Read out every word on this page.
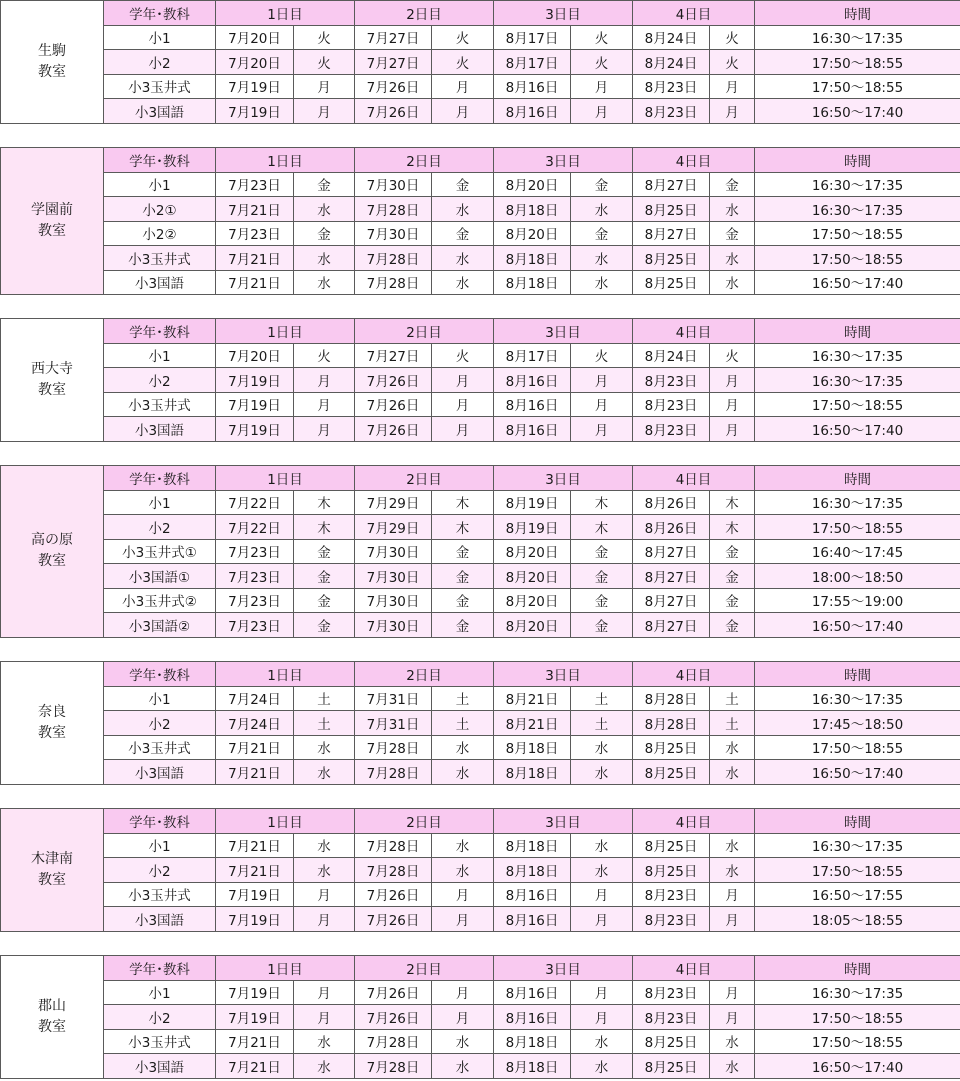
生駒
教室	学年･教科	1日目		2日目		3日目		4日目		時間
	小1	7月20日	火	7月27日	火	8月17日	火	8月24日	火	16:30～17:35
	小2	7月20日	火	7月27日	火	8月17日	火	8月24日	火	17:50～18:55
	小3玉井式	7月19日	月	7月26日	月	8月16日	月	8月23日	月	17:50～18:55
	小3国語	7月19日	月	7月26日	月	8月16日	月	8月23日	月	16:50～17:40
学園前
教室	学年･教科	1日目		2日目		3日目		4日目		時間
	小1	7月23日	金	7月30日	金	8月20日	金	8月27日	金	16:30～17:35
	小2①	7月21日	水	7月28日	水	8月18日	水	8月25日	水	16:30～17:35
	小2②	7月23日	金	7月30日	金	8月20日	金	8月27日	金	17:50～18:55
	小3玉井式	7月21日	水	7月28日	水	8月18日	水	8月25日	水	17:50～18:55
	小3国語	7月21日	水	7月28日	水	8月18日	水	8月25日	水	16:50～17:40
西大寺
教室	学年･教科	1日目		2日目		3日目		4日目		時間
	小1	7月20日	火	7月27日	火	8月17日	火	8月24日	火	16:30～17:35
	小2	7月19日	月	7月26日	月	8月16日	月	8月23日	月	16:30～17:35
	小3玉井式	7月19日	月	7月26日	月	8月16日	月	8月23日	月	17:50～18:55
	小3国語	7月19日	月	7月26日	月	8月16日	月	8月23日	月	16:50～17:40
高の原
教室	学年･教科	1日目		2日目		3日目		4日目		時間
	小1	7月22日	木	7月29日	木	8月19日	木	8月26日	木	16:30～17:35
	小2	7月22日	木	7月29日	木	8月19日	木	8月26日	木	17:50～18:55
	小3玉井式①	7月23日	金	7月30日	金	8月20日	金	8月27日	金	16:40～17:45
	小3国語①	7月23日	金	7月30日	金	8月20日	金	8月27日	金	18:00～18:50
	小3玉井式②	7月23日	金	7月30日	金	8月20日	金	8月27日	金	17:55～19:00
	小3国語②	7月23日	金	7月30日	金	8月20日	金	8月27日	金	16:50～17:40
奈良
教室	学年･教科	1日目		2日目		3日目		4日目		時間
	小1	7月24日	土	7月31日	土	8月21日	土	8月28日	土	16:30～17:35
	小2	7月24日	土	7月31日	土	8月21日	土	8月28日	土	17:45～18:50
	小3玉井式	7月21日	水	7月28日	水	8月18日	水	8月25日	水	17:50～18:55
	小3国語	7月21日	水	7月28日	水	8月18日	水	8月25日	水	16:50～17:40
木津南
教室	学年･教科	1日目		2日目		3日目		4日目		時間
	小1	7月21日	水	7月28日	水	8月18日	水	8月25日	水	16:30～17:35
	小2	7月21日	水	7月28日	水	8月18日	水	8月25日	水	17:50～18:55
	小3玉井式	7月19日	月	7月26日	月	8月16日	月	8月23日	月	16:50～17:55
	小3国語	7月19日	月	7月26日	月	8月16日	月	8月23日	月	18:05～18:55
郡山
教室	学年･教科	1日目		2日目		3日目		4日目		時間
	小1	7月19日	月	7月26日	月	8月16日	月	8月23日	月	16:30～17:35
	小2	7月19日	月	7月26日	月	8月16日	月	8月23日	月	17:50～18:55
	小3玉井式	7月21日	水	7月28日	水	8月18日	水	8月25日	水	17:50～18:55
	小3国語	7月21日	水	7月28日	水	8月18日	水	8月25日	水	16:50～17:40
